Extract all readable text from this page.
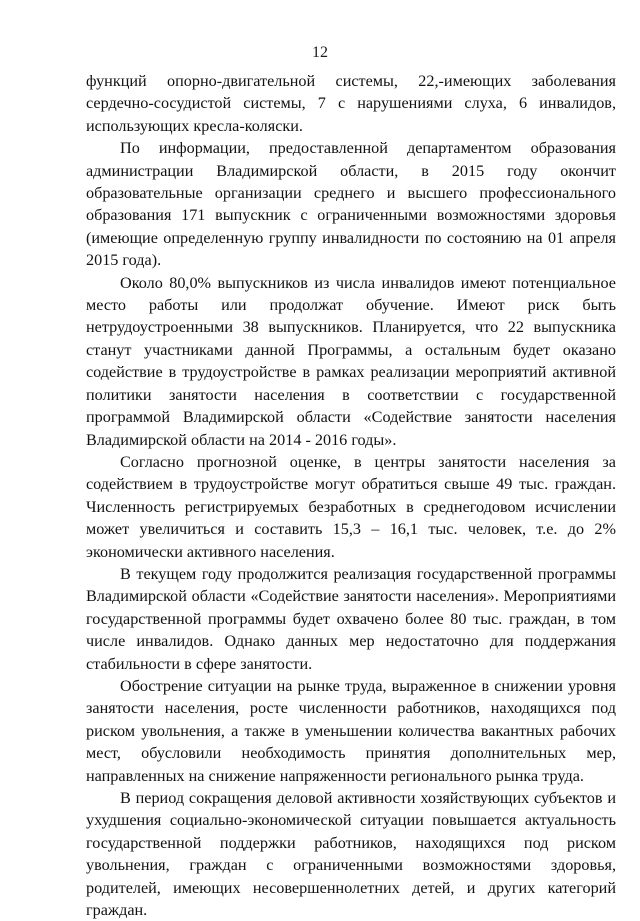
12

функций опорно-двигательной системы, 22,-имеющих заболевания сердечно-сосудистой системы, 7 с нарушениями слуха, 6 инвалидов, использующих кресла-коляски.

По информации, предоставленной департаментом образования администрации Владимирской области, в 2015 году окончит образовательные организации среднего и высшего профессионального образования 171 выпускник с ограниченными возможностями здоровья (имеющие определенную группу инвалидности по состоянию на 01 апреля 2015 года).

Около 80,0% выпускников из числа инвалидов имеют потенциальное место работы или продолжат обучение. Имеют риск быть нетрудоустроенными 38 выпускников. Планируется, что 22 выпускника станут участниками данной Программы, а остальным будет оказано содействие в трудоустройстве в рамках реализации мероприятий активной политики занятости населения в соответствии с государственной программой Владимирской области «Содействие занятости населения Владимирской области на 2014 - 2016 годы».

Согласно прогнозной оценке, в центры занятости населения за содействием в трудоустройстве могут обратиться свыше 49 тыс. граждан. Численность регистрируемых безработных в среднегодовом исчислении может увеличиться и составить 15,3 – 16,1 тыс. человек, т.е. до 2% экономически активного населения.

В текущем году продолжится реализация государственной программы Владимирской области «Содействие занятости населения». Мероприятиями государственной программы будет охвачено более 80 тыс. граждан, в том числе инвалидов. Однако данных мер недостаточно для поддержания стабильности в сфере занятости.

Обострение ситуации на рынке труда, выраженное в снижении уровня занятости населения, росте численности работников, находящихся под риском увольнения, а также в уменьшении количества вакантных рабочих мест, обусловили необходимость принятия дополнительных мер, направленных на снижение напряженности регионального рынка труда.

В период сокращения деловой активности хозяйствующих субъектов и ухудшения социально-экономической ситуации повышается актуальность государственной поддержки работников, находящихся под риском увольнения, граждан с ограниченными возможностями здоровья, родителей, имеющих несовершеннолетних детей, и других категорий граждан.
